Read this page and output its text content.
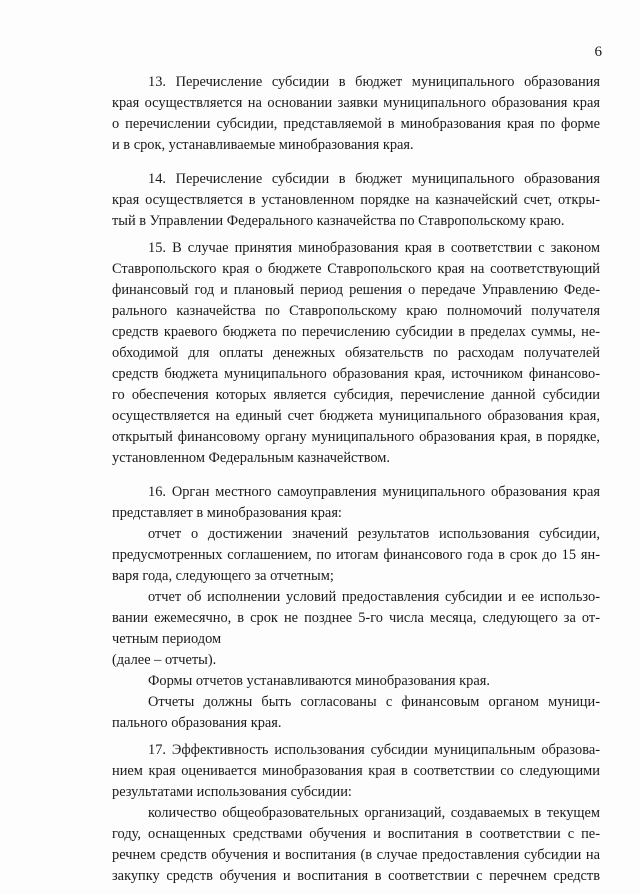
6
13. Перечисление субсидии в бюджет муниципального образования
края осуществляется на основании заявки муниципального образования края
о перечислении субсидии, представляемой в минобразования края по форме
и в срок, устанавливаемые минобразования края.
14. Перечисление субсидии в бюджет муниципального образования
края осуществляется в установленном порядке на казначейский счет, откры-
тый в Управлении Федерального казначейства по Ставропольскому краю.
15. В случае принятия минобразования края в соответствии с законом
Ставропольского края о бюджете Ставропольского края на соответствующий
финансовый год и плановый период решения о передаче Управлению Феде-
рального казначейства по Ставропольскому краю полномочий получателя
средств краевого бюджета по перечислению субсидии в пределах суммы, не-
обходимой для оплаты денежных обязательств по расходам получателей
средств бюджета муниципального образования края, источником финансово-
го обеспечения которых является субсидия, перечисление данной субсидии
осуществляется на единый счет бюджета муниципального образования края,
открытый финансовому органу муниципального образования края, в порядке,
установленном Федеральным казначейством.
16. Орган местного самоуправления муниципального образования края
представляет в минобразования края:
отчет о достижении значений результатов использования субсидии,
предусмотренных соглашением, по итогам финансового года в срок до 15 ян-
варя года, следующего за отчетным;
отчет об исполнении условий предоставления субсидии и ее использо-
вании ежемесячно, в срок не позднее 5-го числа месяца, следующего за от-
четным периодом
(далее – отчеты).
Формы отчетов устанавливаются минобразования края.
Отчеты должны быть согласованы с финансовым органом муници-
пального образования края.
17. Эффективность использования субсидии муниципальным образова-
нием края оценивается минобразования края в соответствии со следующими
результатами использования субсидии:
количество общеобразовательных организаций, создаваемых в текущем
году, оснащенных средствами обучения и воспитания в соответствии с пе-
речнем средств обучения и воспитания (в случае предоставления субсидии на
закупку средств обучения и воспитания в соответствии с перечнем средств
